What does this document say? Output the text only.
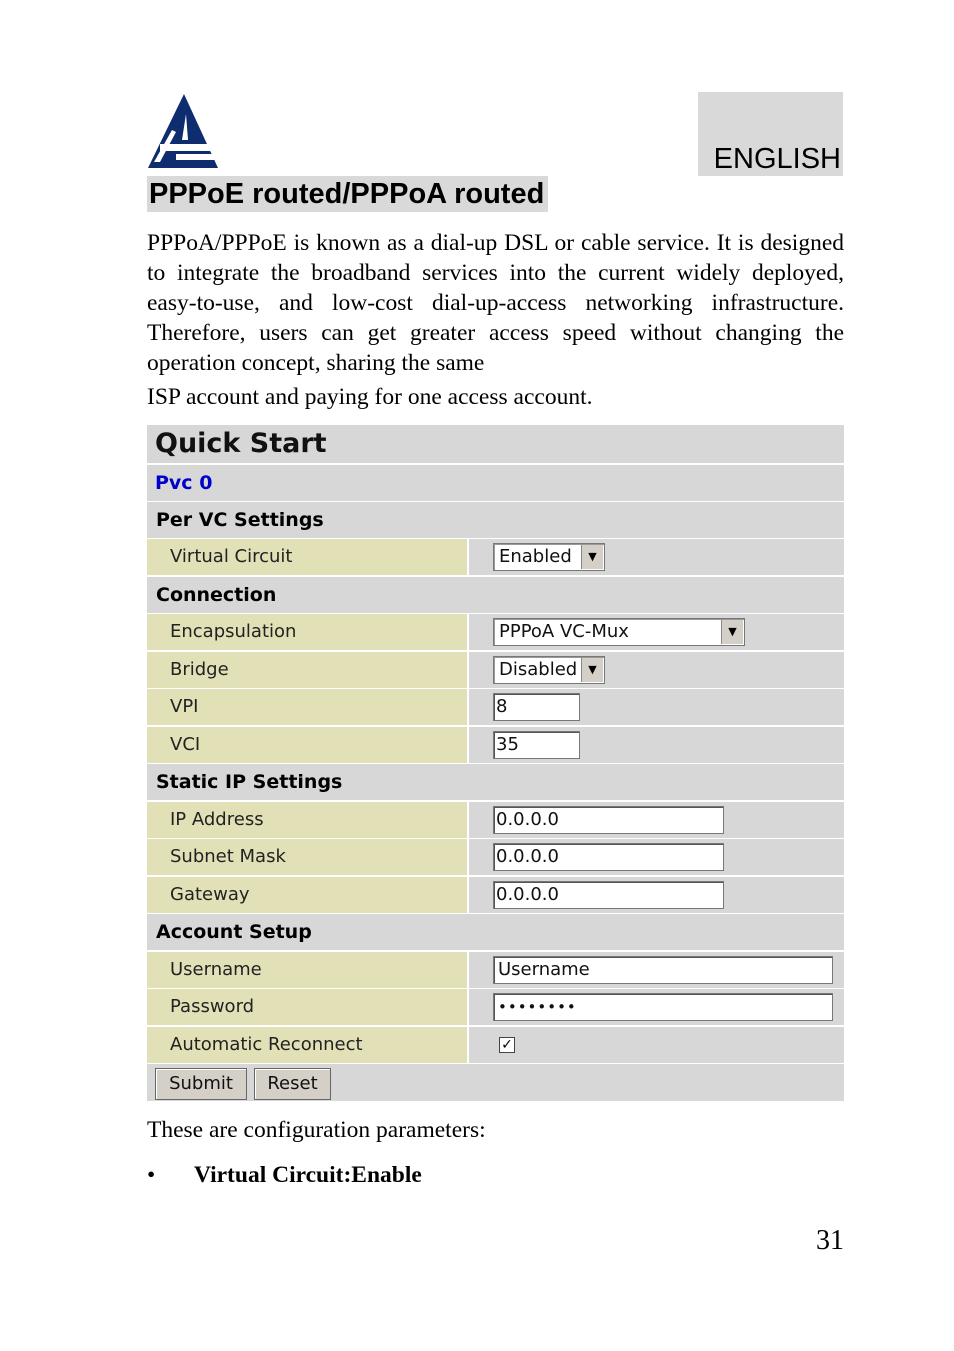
ENGLISH
PPPoE routed/PPPoA routed

PPPoA/PPPoE is known as a dial-up DSL or cable service. It is designed to integrate the broadband services into the current widely deployed, easy-to-use, and low-cost dial-up-access networking infrastructure. Therefore, users can get greater access speed without changing the operation concept, sharing the same

ISP account and paying for one access account.

Quick Start
Pvc 0
Per VC Settings
Virtual Circuit	Enabled	▼
Connection
Encapsulation	PPPoA VC-Mux	▼
Bridge	Disabled	▼
VPI	8
VCI	35
Static IP Settings
IP Address	0.0.0.0
Subnet Mask	0.0.0.0
Gateway	0.0.0.0
Account Setup
Username	Username
Password	••••••••
Automatic Reconnect	✓
Submit	Reset
These are configuration parameters:
• Virtual Circuit:Enable
31
